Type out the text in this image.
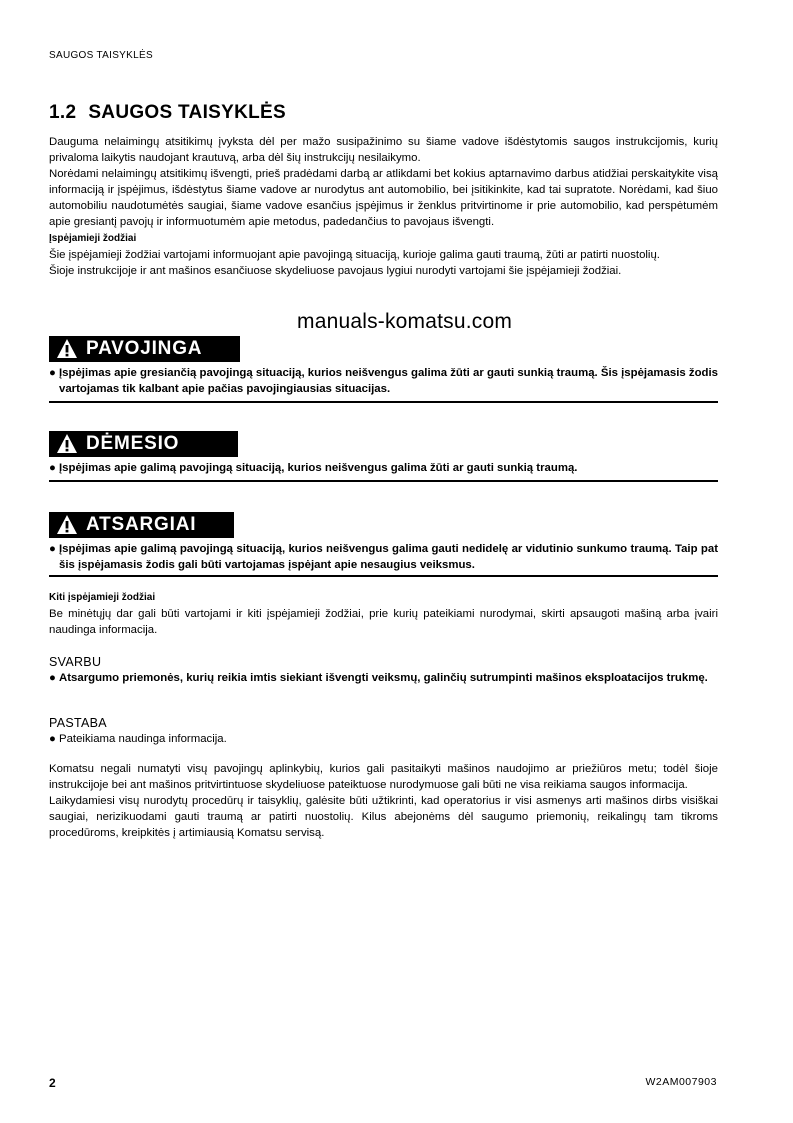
SAUGOS TAISYKLĖS
1.2 SAUGOS TAISYKLĖS

Dauguma nelaimingų atsitikimų įvyksta dėl per mažo susipažinimo su šiame vadove išdėstytomis saugos instrukcijomis, kurių privaloma laikytis naudojant krautuvą, arba dėl šių instrukcijų nesilaikymo.

Norėdami nelaimingų atsitikimų išvengti, prieš pradėdami darbą ar atlikdami bet kokius aptarnavimo darbus atidžiai perskaitykite visą informaciją ir įspėjimus, išdėstytus šiame vadove ar nurodytus ant automobilio, bei įsitikinkite, kad tai supratote. Norėdami, kad šiuo automobiliu naudotumėtės saugiai, šiame vadove esančius įspėjimus ir ženklus pritvirtinome ir prie automobilio, kad perspėtumėm apie gresiantį pavojų ir informuotumėm apie metodus, padedančius to pavojaus išvengti.

Įspėjamieji žodžiai

Šie įspėjamieji žodžiai vartojami informuojant apie pavojingą situaciją, kurioje galima gauti traumą, žūti ar patirti nuostolių.

Šioje instrukcijoje ir ant mašinos esančiuose skydeliuose pavojaus lygiui nurodyti vartojami šie įspėjamieji žodžiai.

manuals-komatsu.com
PAVOJINGA
● Įspėjimas apie gresiančią pavojingą situaciją, kurios neišvengus galima žūti ar gauti sunkią traumą. Šis įspėjamasis žodis vartojamas tik kalbant apie pačias pavojingiausias situacijas.
DĖMESIO
● Įspėjimas apie galimą pavojingą situaciją, kurios neišvengus galima žūti ar gauti sunkią traumą.
ATSARGIAI
● Įspėjimas apie galimą pavojingą situaciją, kurios neišvengus galima gauti nedidelę ar vidutinio sunkumo traumą. Taip pat šis įspėjamasis žodis gali būti vartojamas įspėjant apie nesaugius veiksmus.

Kiti įspėjamieji žodžiai

Be minėtųjų dar gali būti vartojami ir kiti įspėjamieji žodžiai, prie kurių pateikiami nurodymai, skirti apsaugoti mašiną arba įvairi naudinga informacija.

SVARBU

● Atsargumo priemonės, kurių reikia imtis siekiant išvengti veiksmų, galinčių sutrumpinti mašinos eksploatacijos trukmę.

PASTABA

● Pateikiama naudinga informacija.

Komatsu negali numatyti visų pavojingų aplinkybių, kurios gali pasitaikyti mašinos naudojimo ar priežiūros metu; todėl šioje instrukcijoje bei ant mašinos pritvirtintuose skydeliuose pateiktuose nurodymuose gali būti ne visa reikiama saugos informacija.

Laikydamiesi visų nurodytų procedūrų ir taisyklių, galėsite būti užtikrinti, kad operatorius ir visi asmenys arti mašinos dirbs visiškai saugiai, nerizikuodami gauti traumą ar patirti nuostolių. Kilus abejonėms dėl saugumo priemonių, reikalingų tam tikroms procedūroms, kreipkitės į artimiausią Komatsu servisą.

2	W2AM007903
